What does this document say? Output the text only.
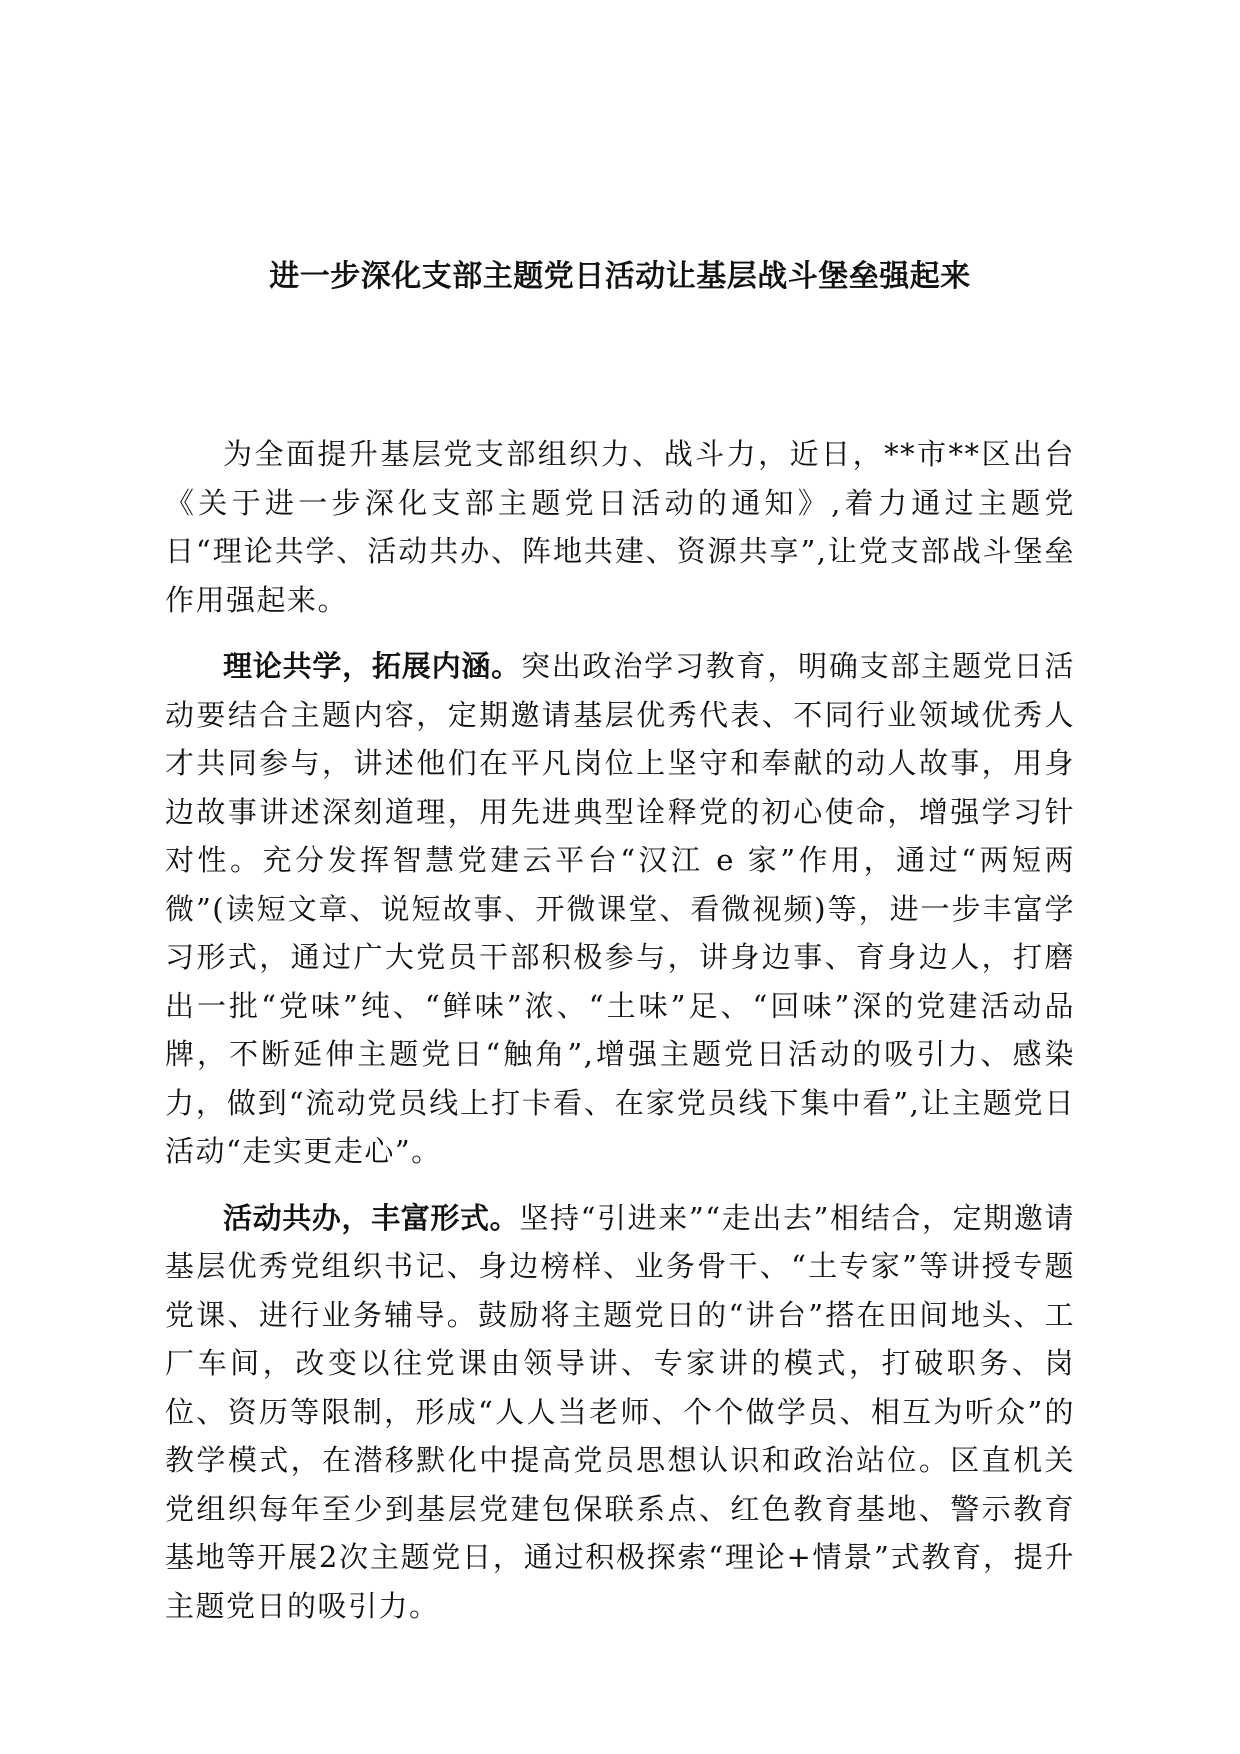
进一步深化支部主题党日活动让基层战斗堡垒强起来

为全面提升基层党支部组织力、战斗力，近日，**市**区出台《关于进一步深化支部主题党日活动的通知》,着力通过主题党日“理论共学、活动共办、阵地共建、资源共享”,让党支部战斗堡垒作用强起来。

理论共学，拓展内涵。突出政治学习教育，明确支部主题党日活动要结合主题内容，定期邀请基层优秀代表、不同行业领域优秀人才共同参与，讲述他们在平凡岗位上坚守和奉献的动人故事，用身边故事讲述深刻道理，用先进典型诠释党的初心使命，增强学习针对性。充分发挥智慧党建云平台“汉江 e 家”作用，通过“两短两微”(读短文章、说短故事、开微课堂、看微视频)等，进一步丰富学习形式，通过广大党员干部积极参与，讲身边事、育身边人，打磨出一批“党味”纯、“鲜味”浓、“土味”足、“回味”深的党建活动品牌，不断延伸主题党日“触角”,增强主题党日活动的吸引力、感染力，做到“流动党员线上打卡看、在家党员线下集中看”,让主题党日活动“走实更走心”。

活动共办，丰富形式。坚持“引进来”“走出去”相结合，定期邀请基层优秀党组织书记、身边榜样、业务骨干、“土专家”等讲授专题党课、进行业务辅导。鼓励将主题党日的“讲台”搭在田间地头、工厂车间，改变以往党课由领导讲、专家讲的模式，打破职务、岗位、资历等限制，形成“人人当老师、个个做学员、相互为听众”的教学模式，在潜移默化中提高党员思想认识和政治站位。区直机关党组织每年至少到基层党建包保联系点、红色教育基地、警示教育基地等开展2次主题党日，通过积极探索“理论+情景”式教育，提升主题党日的吸引力。
